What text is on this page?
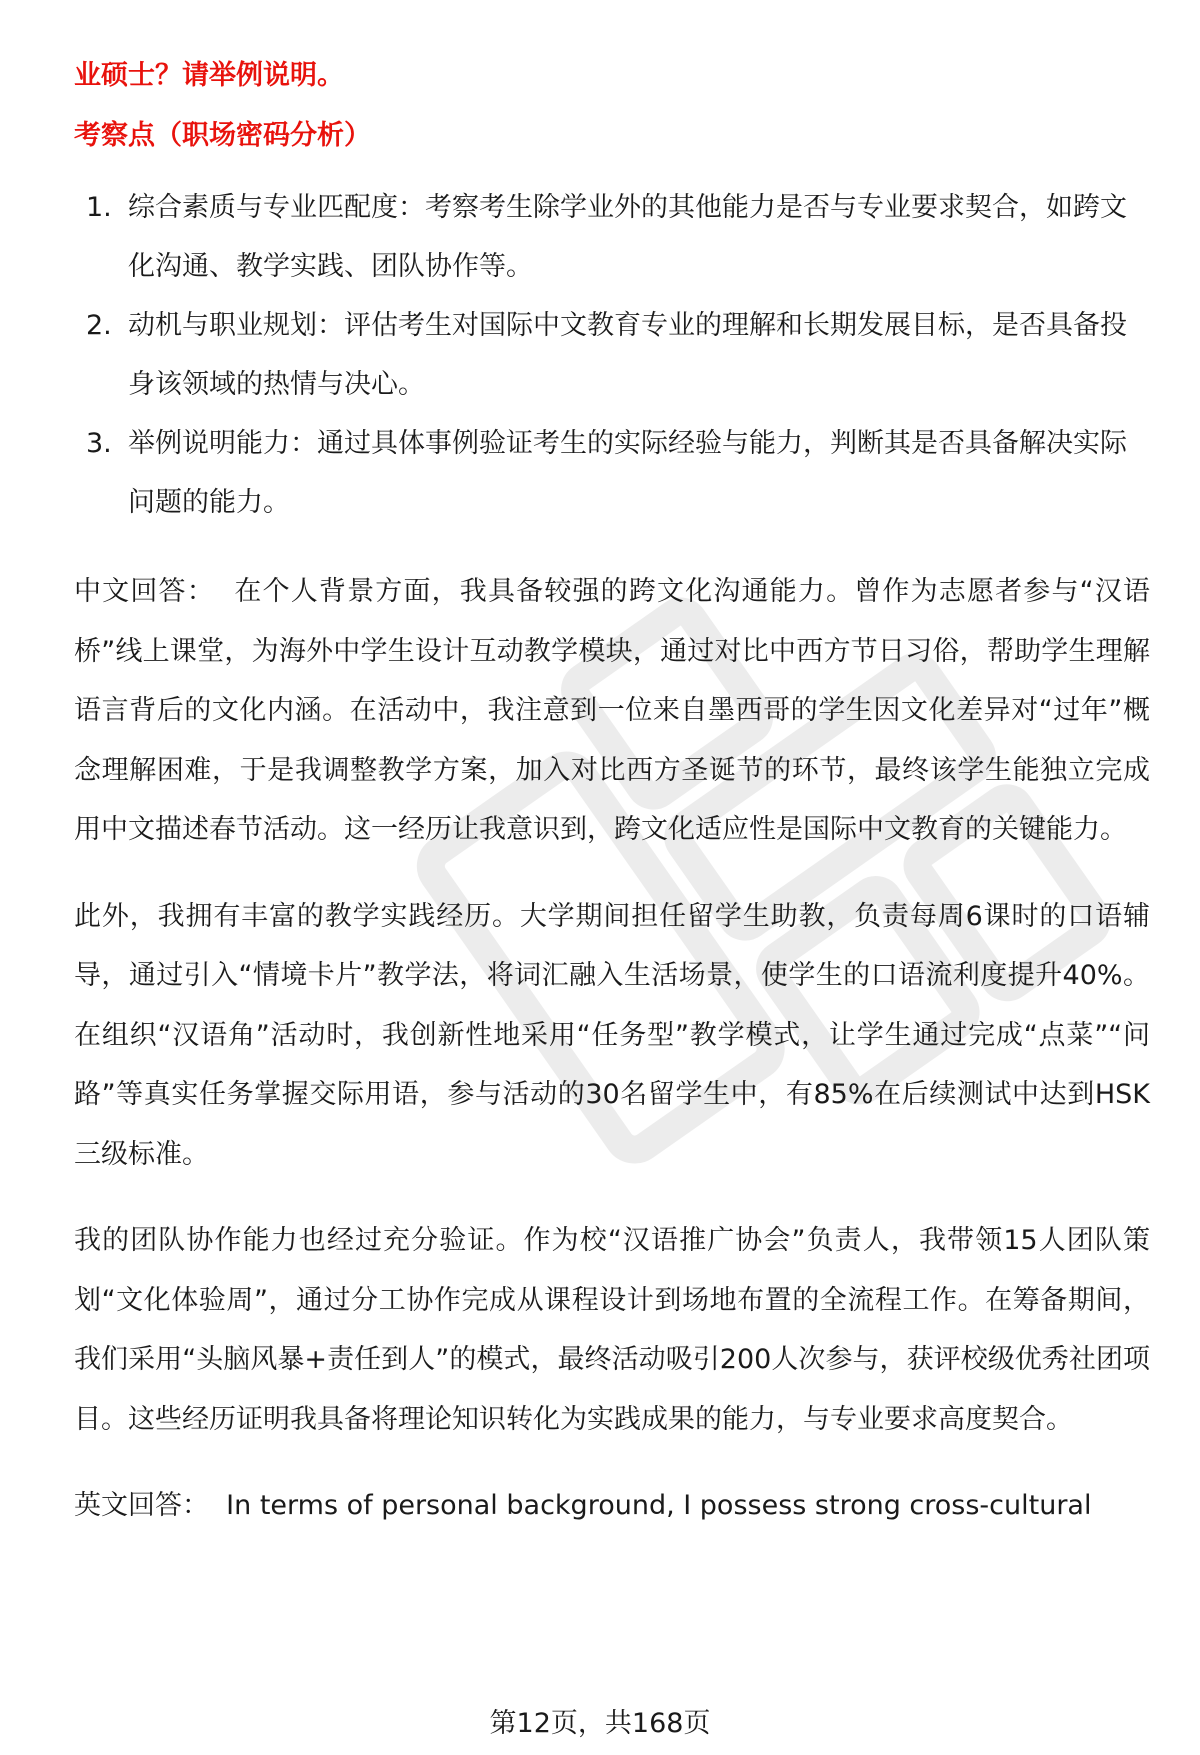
业硕士？请举例说明。

考察点（职场密码分析）

1. 综合素质与专业匹配度：考察考生除学业外的其他能力是否与专业要求契合，如跨文化沟通、教学实践、团队协作等。
2. 动机与职业规划：评估考生对国际中文教育专业的理解和长期发展目标，是否具备投身该领域的热情与决心。
3. 举例说明能力：通过具体事例验证考生的实际经验与能力，判断其是否具备解决实际问题的能力。

中文回答： 在个人背景方面，我具备较强的跨文化沟通能力。曾作为志愿者参与“汉语桥”线上课堂，为海外中学生设计互动教学模块，通过对比中西方节日习俗，帮助学生理解语言背后的文化内涵。在活动中，我注意到一位来自墨西哥的学生因文化差异对“过年”概念理解困难，于是我调整教学方案，加入对比西方圣诞节的环节，最终该学生能独立完成用中文描述春节活动。这一经历让我意识到，跨文化适应性是国际中文教育的关键能力。

此外，我拥有丰富的教学实践经历。大学期间担任留学生助教，负责每周6课时的口语辅导，通过引入“情境卡片”教学法，将词汇融入生活场景，使学生的口语流利度提升40%。在组织“汉语角”活动时，我创新性地采用“任务型”教学模式，让学生通过完成“点菜”“问路”等真实任务掌握交际用语，参与活动的30名留学生中，有85%在后续测试中达到HSK三级标准。

我的团队协作能力也经过充分验证。作为校“汉语推广协会”负责人，我带领15人团队策划“文化体验周”，通过分工协作完成从课程设计到场地布置的全流程工作。在筹备期间，我们采用“头脑风暴+责任到人”的模式，最终活动吸引200人次参与，获评校级优秀社团项目。这些经历证明我具备将理论知识转化为实践成果的能力，与专业要求高度契合。

英文回答： In terms of personal background, I possess strong cross-cultural

第12页，共168页
